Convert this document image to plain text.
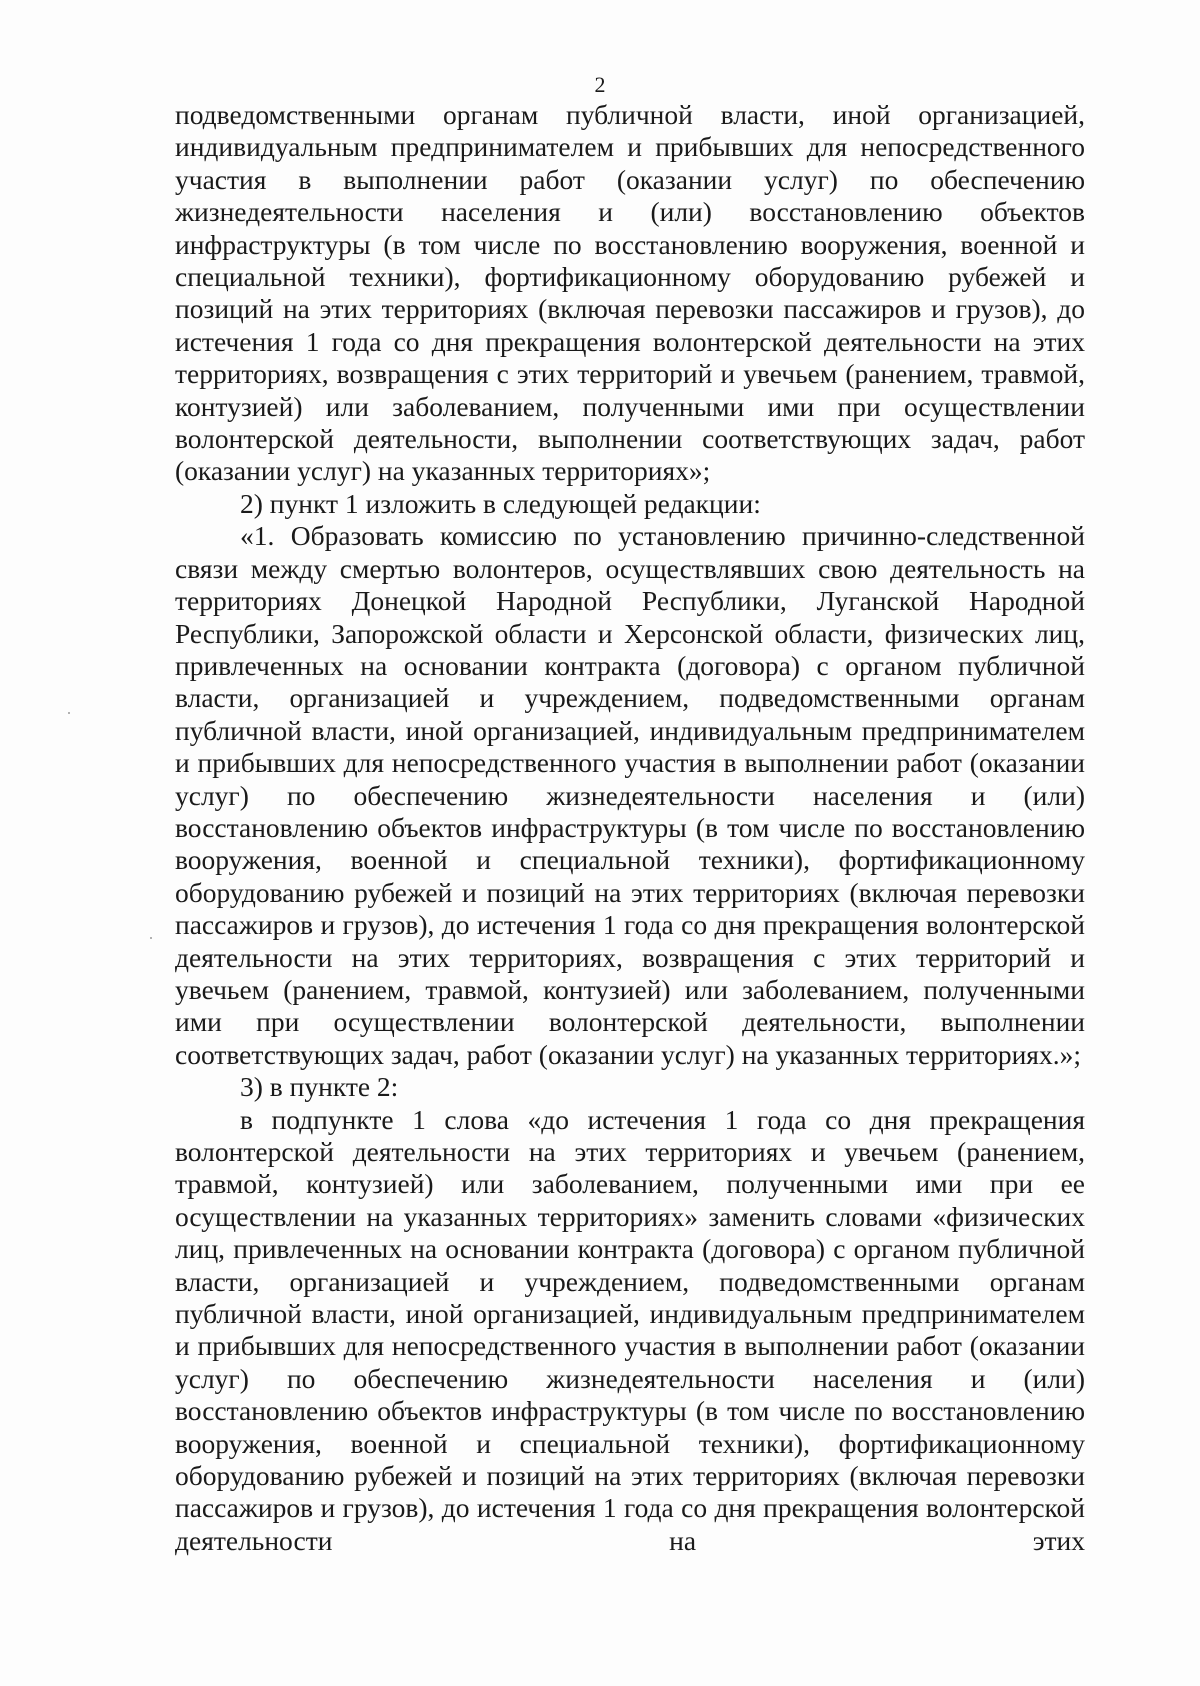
2

подведомственными органам публичной власти, иной организацией, индивидуальным предпринимателем и прибывших для непосредственного участия в выполнении работ (оказании услуг) по обеспечению жизнедеятельности населения и (или) восстановлению объектов инфраструктуры (в том числе по восстановлению вооружения, военной и специальной техники), фортификационному оборудованию рубежей и позиций на этих территориях (включая перевозки пассажиров и грузов), до истечения 1 года со дня прекращения волонтерской деятельности на этих территориях, возвращения с этих территорий и увечьем (ранением, травмой, контузией) или заболеванием, полученными ими при осуществлении волонтерской деятельности, выполнении соответствующих задач, работ (оказании услуг) на указанных территориях»;

2) пункт 1 изложить в следующей редакции:

«1. Образовать комиссию по установлению причинно-следственной связи между смертью волонтеров, осуществлявших свою деятельность на территориях Донецкой Народной Республики, Луганской Народной Республики, Запорожской области и Херсонской области, физических лиц, привлеченных на основании контракта (договора) с органом публичной власти, организацией и учреждением, подведомственными органам публичной власти, иной организацией, индивидуальным предпринимателем и прибывших для непосредственного участия в выполнении работ (оказании услуг) по обеспечению жизнедеятельности населения и (или) восстановлению объектов инфраструктуры (в том числе по восстановлению вооружения, военной и специальной техники), фортификационному оборудованию рубежей и позиций на этих территориях (включая перевозки пассажиров и грузов), до истечения 1 года со дня прекращения волонтерской деятельности на этих территориях, возвращения с этих территорий и увечьем (ранением, травмой, контузией) или заболеванием, полученными ими при осуществлении волонтерской деятельности, выполнении соответствующих задач, работ (оказании услуг) на указанных территориях.»;

3) в пункте 2:

в подпункте 1 слова «до истечения 1 года со дня прекращения волонтерской деятельности на этих территориях и увечьем (ранением, травмой, контузией) или заболеванием, полученными ими при ее осуществлении на указанных территориях» заменить словами «физических лиц, привлеченных на основании контракта (договора) с органом публичной власти, организацией и учреждением, подведомственными органам публичной власти, иной организацией, индивидуальным предпринимателем и прибывших для непосредственного участия в выполнении работ (оказании услуг) по обеспечению жизнедеятельности населения и (или) восстановлению объектов инфраструктуры (в том числе по восстановлению вооружения, военной и специальной техники), фортификационному оборудованию рубежей и позиций на этих территориях (включая перевозки пассажиров и грузов), до истечения 1 года со дня прекращения волонтерской деятельности на этих
